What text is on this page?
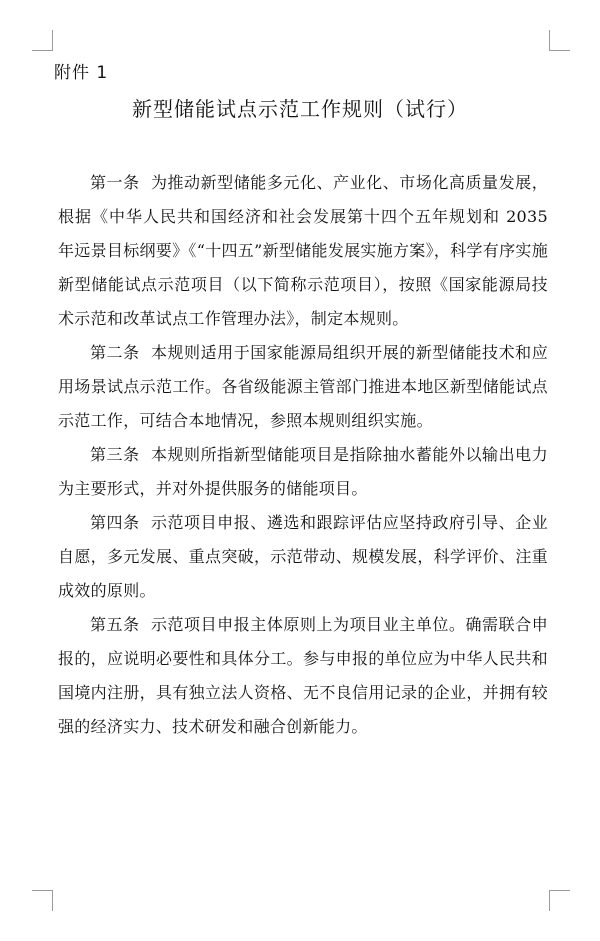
附件 1
新型储能试点示范工作规则（试行）

第一条 为推动新型储能多元化、产业化、市场化高质量发展，根据《中华人民共和国经济和社会发展第十四个五年规划和 2035 年远景目标纲要》《“十四五”新型储能发展实施方案》，科学有序实施新型储能试点示范项目（以下简称示范项目），按照《国家能源局技术示范和改革试点工作管理办法》，制定本规则。

第二条 本规则适用于国家能源局组织开展的新型储能技术和应用场景试点示范工作。各省级能源主管部门推进本地区新型储能试点示范工作，可结合本地情况，参照本规则组织实施。

第三条 本规则所指新型储能项目是指除抽水蓄能外以输出电力为主要形式，并对外提供服务的储能项目。

第四条 示范项目申报、遴选和跟踪评估应坚持政府引导、企业自愿，多元发展、重点突破，示范带动、规模发展，科学评价、注重成效的原则。

第五条 示范项目申报主体原则上为项目业主单位。确需联合申报的，应说明必要性和具体分工。参与申报的单位应为中华人民共和国境内注册，具有独立法人资格、无不良信用记录的企业，并拥有较强的经济实力、技术研发和融合创新能力。
